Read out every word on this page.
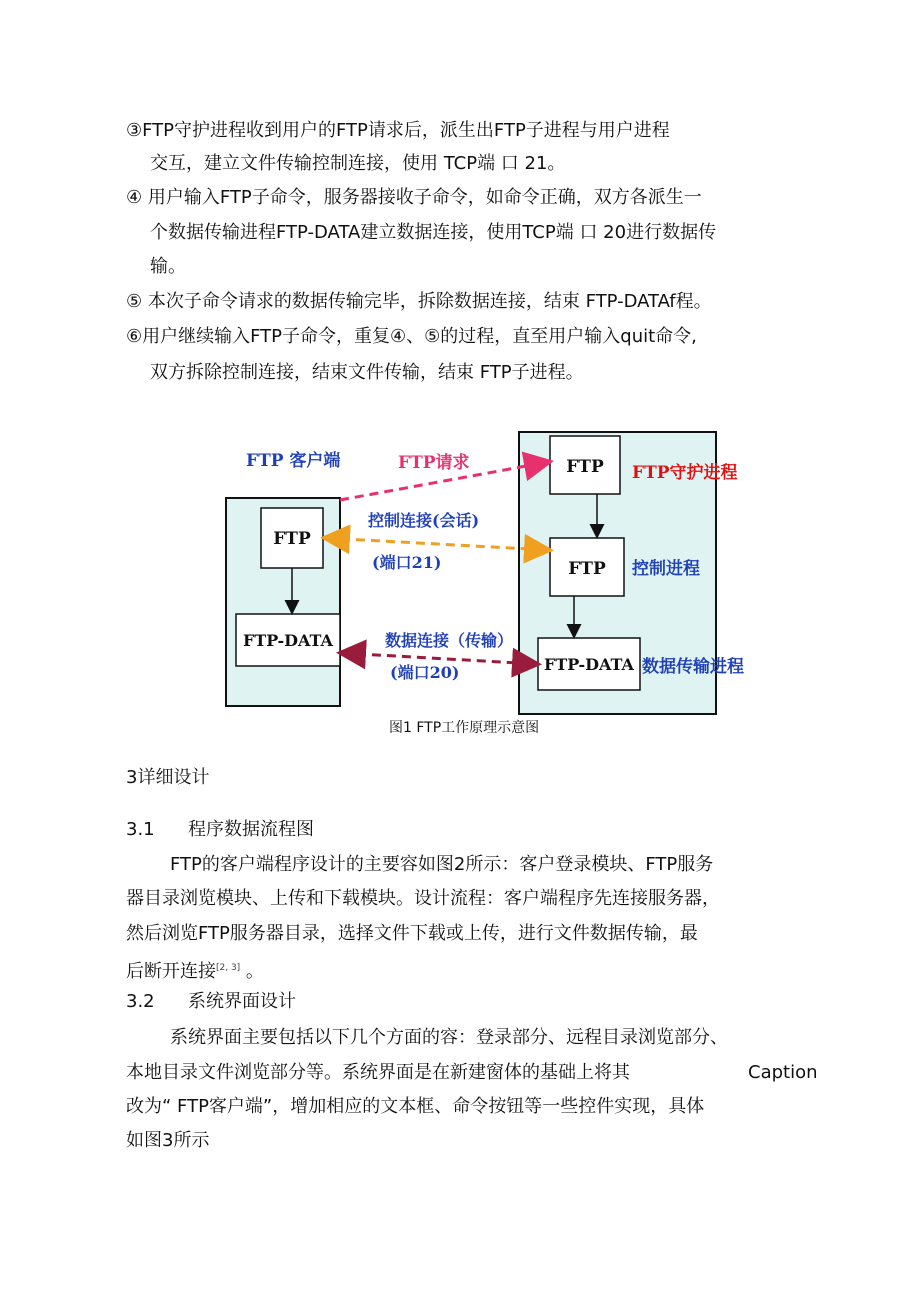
③FTP守护进程收到用户的FTP请求后，派生出FTP子进程与用户进程
交互，建立文件传输控制连接，使用 TCP端 口 21。
④ 用户输入FTP子命令，服务器接收子命令，如命令正确，双方各派生一
个数据传输进程FTP-DATA建立数据连接，使用TCP端 口 20进行数据传
输。
⑤ 本次子命令请求的数据传输完毕，拆除数据连接，结束 FTP-DATAf程。
⑥用户继续输入FTP子命令，重复④、⑤的过程，直至用户输入quit命令,
双方拆除控制连接，结束文件传输，结束 FTP子进程。
FTP 客户端	FTP请求	FTP守护进程
控制连接(会话)
(端口21)	控制进程
数据连接（传输）
(端口20)	数据传输进程
FTP
FTP-DATA
FTP
FTP
FTP-DATA
图1 FTP工作原理示意图
3详细设计
3.1 程序数据流程图
FTP的客户端程序设计的主要容如图2所示：客户登录模块、FTP服务
器目录浏览模块、上传和下载模块。设计流程：客户端程序先连接服务器，
然后浏览FTP服务器目录，选择文件下载或上传，进行文件数据传输，最
后断开连接[2, 3] 。
3.2 系统界面设计
系统界面主要包括以下几个方面的容：登录部分、远程目录浏览部分、
本地目录文件浏览部分等。系统界面是在新建窗体的基础上将其	Caption
改为“ FTP客户端”，增加相应的文本框、命令按钮等一些控件实现，具体
如图3所示
